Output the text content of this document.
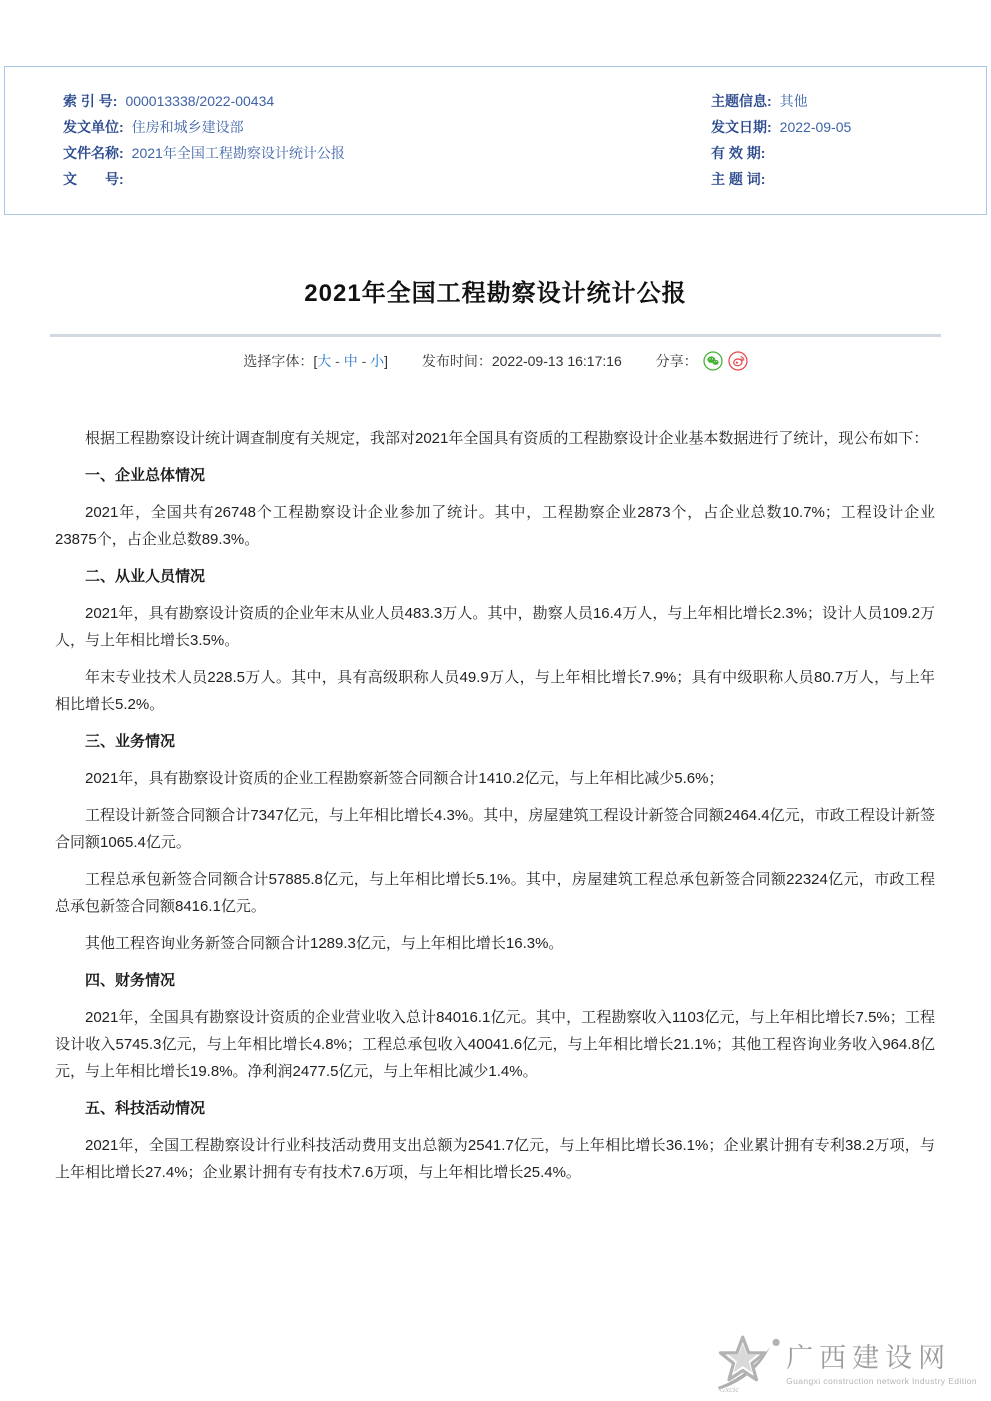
索 引 号: 000013338/2022-00434
发文单位: 住房和城乡建设部
文件名称: 2021年全国工程勘察设计统计公报
文　　号:
主题信息: 其他
发文日期: 2022-09-05
有 效 期:
主 题 词:
2021年全国工程勘察设计统计公报
选择字体：[大 - 中 - 小] 发布时间：2022-09-13 16:17:16 分享：
根据工程勘察设计统计调查制度有关规定，我部对2021年全国具有资质的工程勘察设计企业基本数据进行了统计，现公布如下：
一、企业总体情况
2021年，全国共有26748个工程勘察设计企业参加了统计。其中，工程勘察企业2873个，占企业总数10.7%；工程设计企业23875个，占企业总数89.3%。
二、从业人员情况
2021年，具有勘察设计资质的企业年末从业人员483.3万人。其中，勘察人员16.4万人，与上年相比增长2.3%；设计人员109.2万人，与上年相比增长3.5%。
年末专业技术人员228.5万人。其中，具有高级职称人员49.9万人，与上年相比增长7.9%；具有中级职称人员80.7万人，与上年相比增长5.2%。
三、业务情况
2021年，具有勘察设计资质的企业工程勘察新签合同额合计1410.2亿元，与上年相比减少5.6%；
工程设计新签合同额合计7347亿元，与上年相比增长4.3%。其中，房屋建筑工程设计新签合同额2464.4亿元，市政工程设计新签合同额1065.4亿元。
工程总承包新签合同额合计57885.8亿元，与上年相比增长5.1%。其中，房屋建筑工程总承包新签合同额22324亿元，市政工程总承包新签合同额8416.1亿元。
其他工程咨询业务新签合同额合计1289.3亿元，与上年相比增长16.3%。
四、财务情况
2021年，全国具有勘察设计资质的企业营业收入总计84016.1亿元。其中，工程勘察收入1103亿元，与上年相比增长7.5%；工程设计收入5745.3亿元，与上年相比增长4.8%；工程总承包收入40041.6亿元，与上年相比增长21.1%；其他工程咨询业务收入964.8亿元，与上年相比增长19.8%。净利润2477.5亿元，与上年相比减少1.4%。
五、科技活动情况
2021年，全国工程勘察设计行业科技活动费用支出总额为2541.7亿元，与上年相比增长36.1%；企业累计拥有专利38.2万项，与上年相比增长27.4%；企业累计拥有专有技术7.6万项，与上年相比增长25.4%。
Gxcic
广西建设网
Guangxi construction network Industry Edition
